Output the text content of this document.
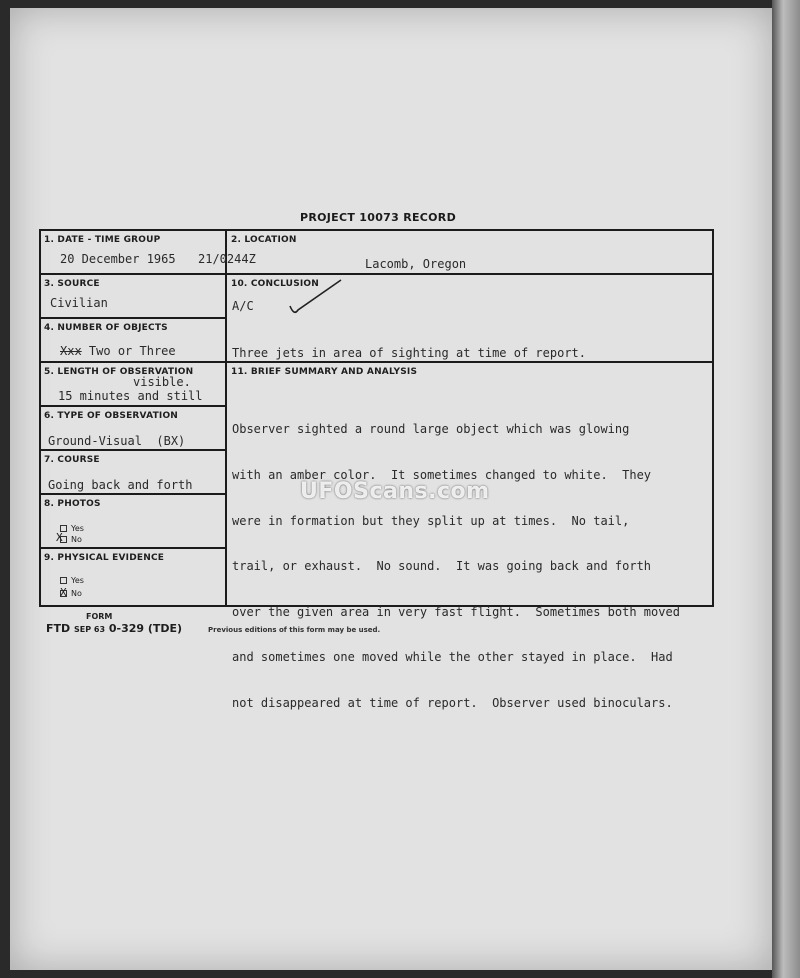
PROJECT 10073 RECORD
1. DATE - TIME GROUP
20 December 1965 21/0244Z
2. LOCATION
Lacomb, Oregon
3. SOURCE
Civilian
10. CONCLUSION
A/C
Three jets in area of sighting at time of report.
4. NUMBER OF OBJECTS
Xxx Two or Three
5. LENGTH OF OBSERVATION
visible.
15 minutes and still
11. BRIEF SUMMARY AND ANALYSIS

Observer sighted a round large object which was glowing

with an amber color.  It sometimes changed to white.  They

were in formation but they split up at times.  No tail,

trail, or exhaust.  No sound.  It was going back and forth

over the given area in very fast flight.  Sometimes both moved

and sometimes one moved while the other stayed in place.  Had

not disappeared at time of report.  Observer used binoculars.

6. TYPE OF OBSERVATION
Ground-Visual  (BX)
7. COURSE
Going back and forth
8. PHOTOS
Yes
No
X
9. PHYSICAL EVIDENCE
Yes
No
X
UFOScans.com
FORM
FTD SEP 63 0-329 (TDE)	Previous editions of this form may be used.
